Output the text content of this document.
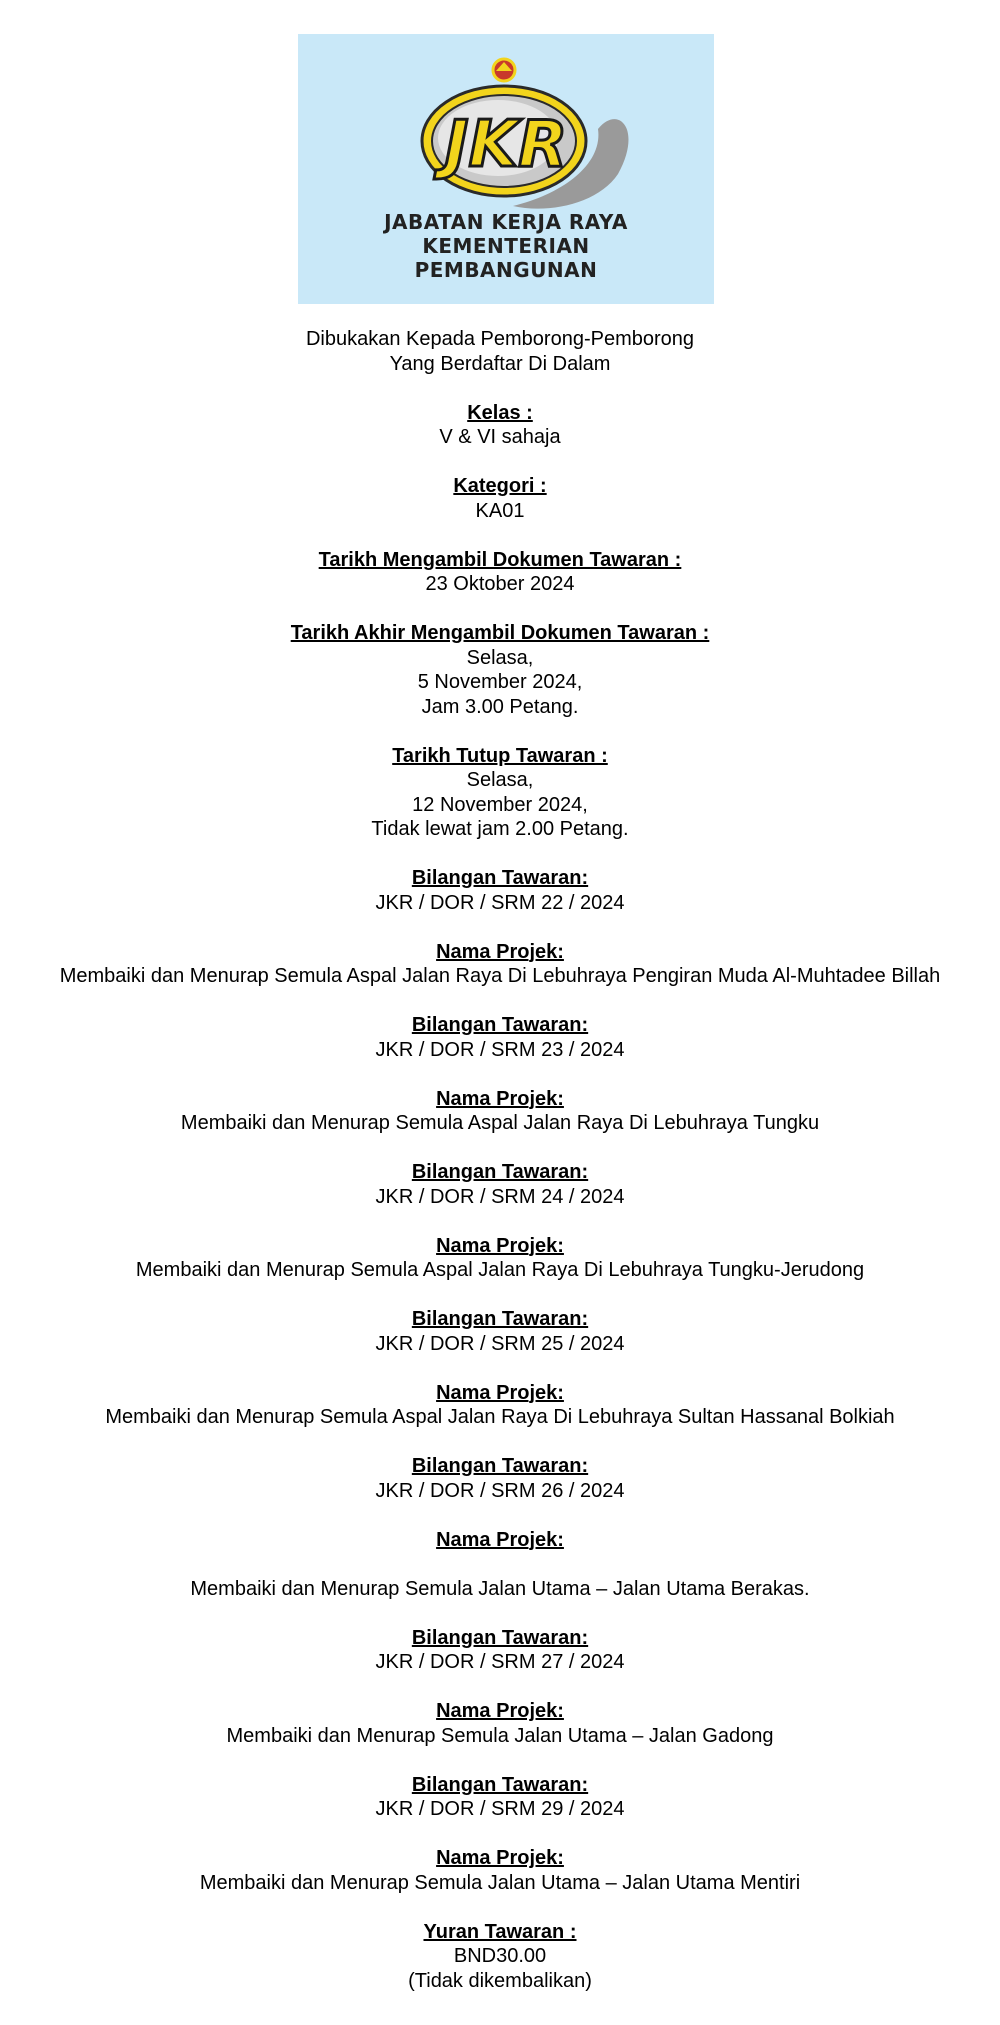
JKR
JABATAN KERJA RAYA
KEMENTERIAN
PEMBANGUNAN
Dibukakan Kepada Pemborong-Pemborong
Yang Berdaftar Di Dalam
Kelas :
V & VI sahaja
Kategori :
KA01
Tarikh Mengambil Dokumen Tawaran :
23 Oktober 2024
Tarikh Akhir Mengambil Dokumen Tawaran :
Selasa,
5 November 2024,
Jam 3.00 Petang.
Tarikh Tutup Tawaran :
Selasa,
12 November 2024,
Tidak lewat jam 2.00 Petang.
Bilangan Tawaran:
JKR / DOR / SRM 22 / 2024
Nama Projek:
Membaiki dan Menurap Semula Aspal Jalan Raya Di Lebuhraya Pengiran Muda Al-Muhtadee Billah
Bilangan Tawaran:
JKR / DOR / SRM 23 / 2024
Nama Projek:
Membaiki dan Menurap Semula Aspal Jalan Raya Di Lebuhraya Tungku
Bilangan Tawaran:
JKR / DOR / SRM 24 / 2024
Nama Projek:
Membaiki dan Menurap Semula Aspal Jalan Raya Di Lebuhraya Tungku-Jerudong
Bilangan Tawaran:
JKR / DOR / SRM 25 / 2024
Nama Projek:
Membaiki dan Menurap Semula Aspal Jalan Raya Di Lebuhraya Sultan Hassanal Bolkiah
Bilangan Tawaran:
JKR / DOR / SRM 26 / 2024
Nama Projek:
Membaiki dan Menurap Semula Jalan Utama – Jalan Utama Berakas.
Bilangan Tawaran:
JKR / DOR / SRM 27 / 2024
Nama Projek:
Membaiki dan Menurap Semula Jalan Utama – Jalan Gadong
Bilangan Tawaran:
JKR / DOR / SRM 29 / 2024
Nama Projek:
Membaiki dan Menurap Semula Jalan Utama – Jalan Utama Mentiri
Yuran Tawaran :
BND30.00
(Tidak dikembalikan)
